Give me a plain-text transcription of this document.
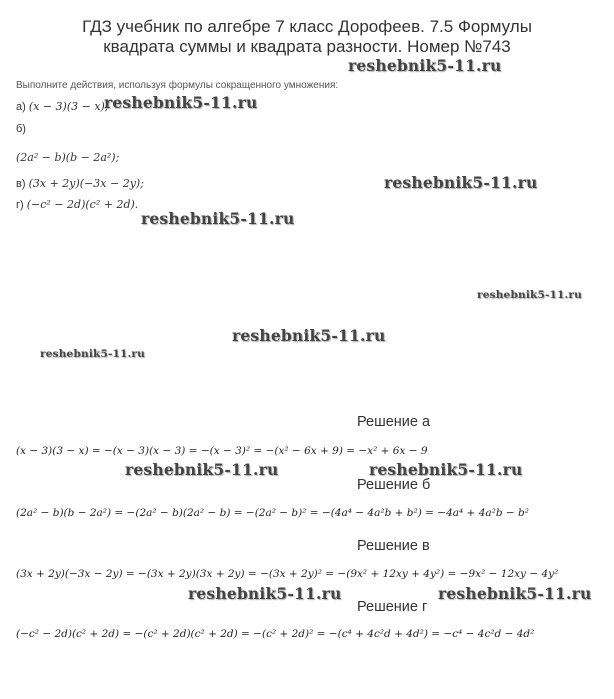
ГДЗ учебник по алгебре 7 класс Дорофеев. 7.5 Формулы
квадрата суммы и квадрата разности. Номер №743
Выполните действия, используя формулы сокращенного умножения:
а) (x − 3)(3 − x);
б)
(2a² − b)(b − 2a²);
в) (3x + 2y)(−3x − 2y);
г) (−c² − 2d)(c² + 2d).
Решение а
(x − 3)(3 − x) = −(x − 3)(x − 3) = −(x − 3)² = −(x² − 6x + 9) = −x² + 6x − 9
Решение б
(2a² − b)(b − 2a²) = −(2a² − b)(2a² − b) = −(2a² − b)² = −(4a⁴ − 4a²b + b²) = −4a⁴ + 4a²b − b²
Решение в
(3x + 2y)(−3x − 2y) = −(3x + 2y)(3x + 2y) = −(3x + 2y)² = −(9x² + 12xy + 4y²) = −9x² − 12xy − 4y²
Решение г
(−c² − 2d)(c² + 2d) = −(c² + 2d)(c² + 2d) = −(c² + 2d)² = −(c⁴ + 4c²d + 4d²) = −c⁴ − 4c²d − 4d²
reshebnik5-11.ru
reshebnik5-11.ru
reshebnik5-11.ru
reshebnik5-11.ru
reshebnik5-11.ru
reshebnik5-11.ru
reshebnik5-11.ru
reshebnik5-11.ru	reshebnik5-11.ru
reshebnik5-11.ru	reshebnik5-11.ru
